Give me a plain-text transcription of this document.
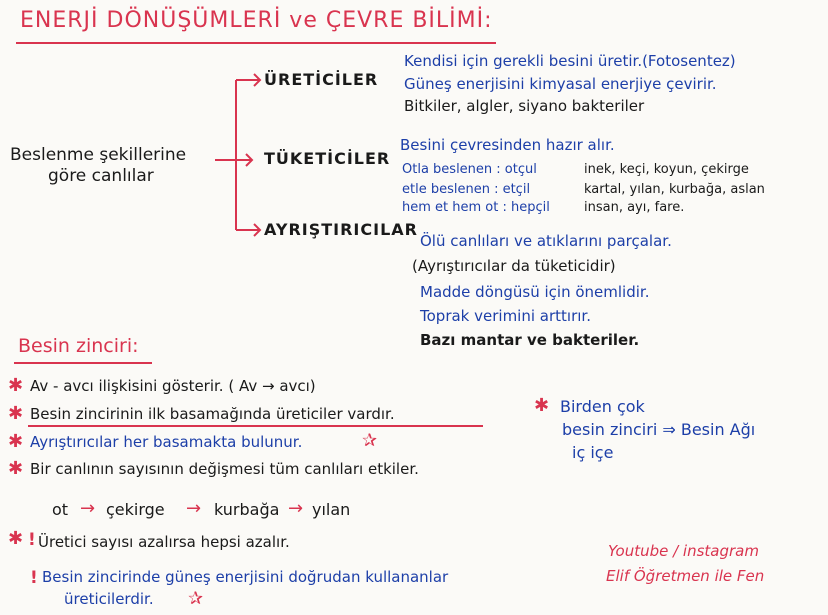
ENERJİ DÖNÜŞÜMLERİ ve ÇEVRE BİLİMİ:
Beslenme şekillerine
göre canlılar
ÜRETİCİLER
Kendisi için gerekli besini üretir.(Fotosentez)
Güneş enerjisini kimyasal enerjiye çevirir.
Bitkiler, algler, siyano bakteriler
TÜKETİCİLER
Besini çevresinden hazır alır.
Otla beslenen : otçul	inek, keçi, koyun, çekirge
etle beslenen : etçil	kartal, yılan, kurbağa, aslan
hem et hem ot : hepçil	insan, ayı, fare.
AYRIŞTIRICILAR
Ölü canlıları ve atıklarını parçalar.
(Ayrıştırıcılar da tüketicidir)
Madde döngüsü için önemlidir.
Toprak verimini arttırır.
Bazı mantar ve bakteriler.
Besin zinciri:
✱ Av - avcı ilişkisini gösterir. ( Av → avcı)
✱ Besin zincirinin ilk basamağında üreticiler vardır.
✱ Ayrıştırıcılar her basamakta bulunur.	✰
✱ Bir canlının sayısının değişmesi tüm canlıları etkiler.
ot → çekirge → kurbağa → yılan
✱ ! Üretici sayısı azalırsa hepsi azalır.
! Besin zincirinde güneş enerjisini doğrudan kullananlar
üreticilerdir. ✰
✱ Birden çok
besin zinciri ⇒ Besin Ağı
iç içe
Youtube / instagram
Elif Öğretmen ile Fen
